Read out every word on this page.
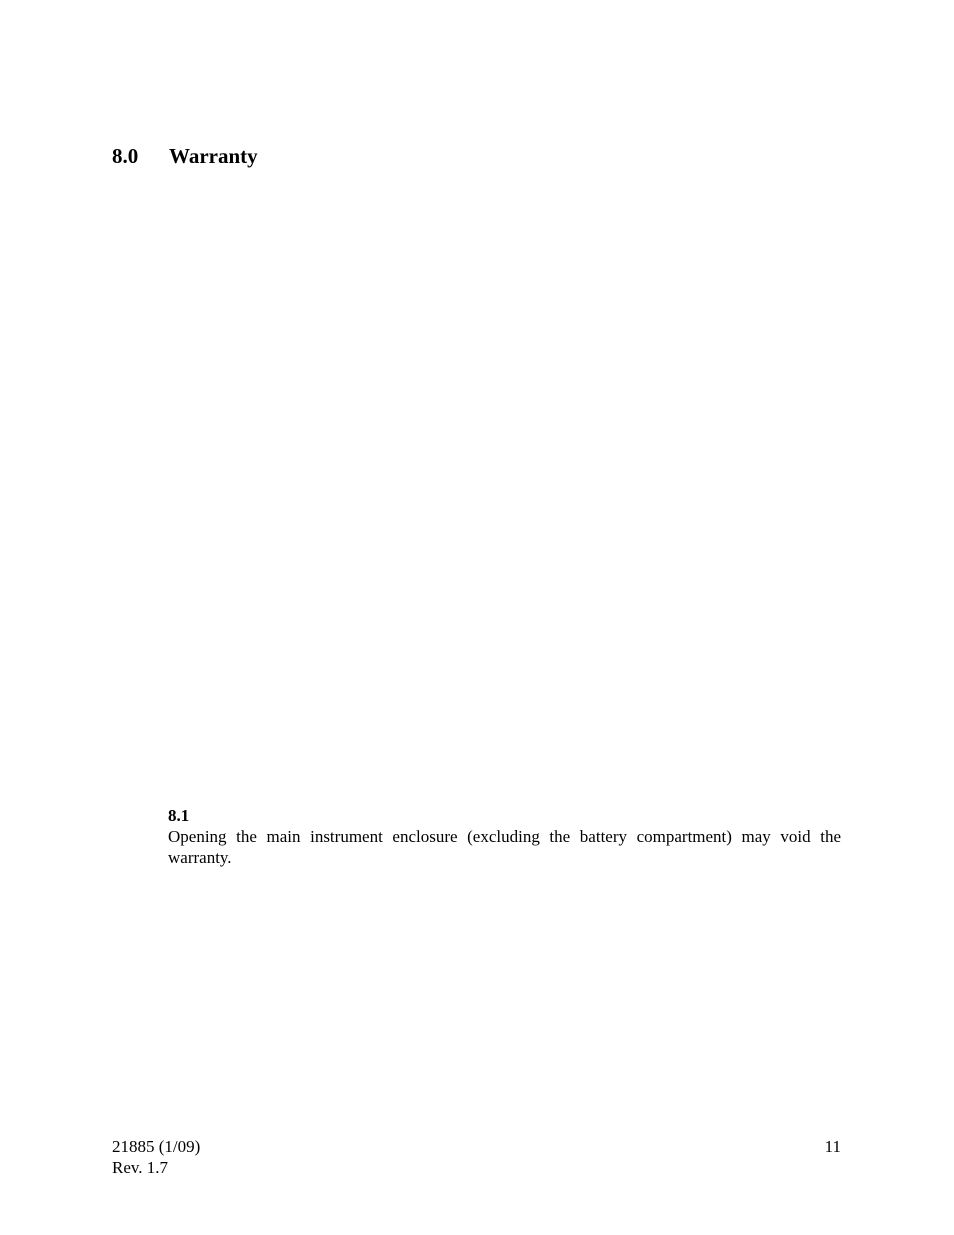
8.0 Warranty
8.1
Opening the main instrument enclosure (excluding the battery compartment) may void the warranty.
21885 (1/09)
Rev. 1.7
11
